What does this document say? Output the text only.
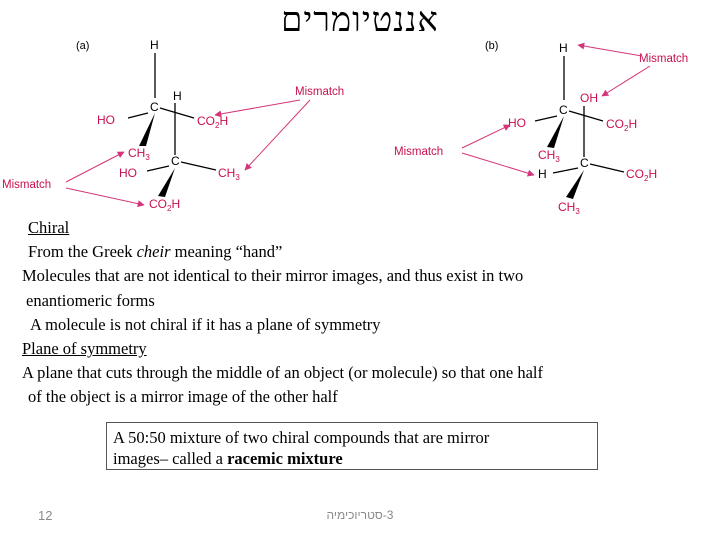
אננטיומרים
(a)	H
C
H
HO	$CO_2H$
$CH_3$ C
HO	$CH_3$
$CO_2H$
Mismatch
Mismatch
(b)	H
C
OH
HO	$CO_2H$
$CH_3$ C
H	$CO_2H$
$CH_3$
Mismatch
Mismatch
Chiral
From the Greek cheir meaning “hand”
Molecules that are not identical to their mirror images, and thus exist in two
enantiomeric forms
A molecule is not chiral if it has a plane of symmetry
Plane of symmetry
A plane that cuts through the middle of an object (or molecule) so that one half
of the object is a mirror image of the other half
A 50:50 mixture of two chiral compounds that are mirror
images– called a racemic mixture
12	3-סטריוכימיה
